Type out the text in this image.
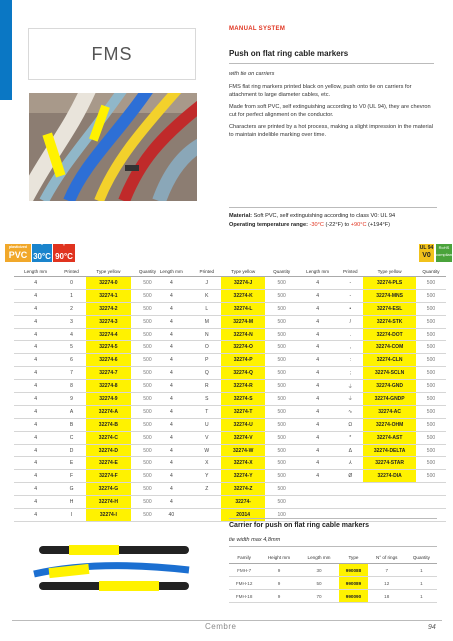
FMS
MANUAL SYSTEM
Push on flat ring cable markers
with tie on carriers

FMS flat ring markers printed black on yellow, push onto tie on carriers for attachment to large diameter cables, etc.

Made from soft PVC, self extinguishing according to V0 (UL 94), they are chevron cut for perfect alignment on the conductor.

Characters are printed by a hot process, making a slight impression in the material to maintain indelible marking over time.

Material: Soft PVC, self extinguishing according to class V0: UL 94
Operating temperature range: -30°C (-22°F) to +90°C (+194°F)
plasticized
PVC
-
30°C
+
90°C
UL 94
V0
RoHS compliant
Length mm	Printed	Type yellow	Quantity
4	0	32274-0	500
4	1	32274-1	500
4	2	32274-2	500
4	3	32274-3	500
4	4	32274-4	500
4	5	32274-5	500
4	6	32274-6	500
4	7	32274-7	500
4	8	32274-8	500
4	9	32274-9	500
4	A	32274-A	500
4	B	32274-B	500
4	C	32274-C	500
4	D	32274-D	500
4	E	32274-E	500
4	F	32274-F	500
4	G	32274-G	500
4	H	32274-H	500
4	I	32274-I	500
Length mm	Printed	Type yellow	Quantity
4	J	32274-J	500
4	K	32274-K	500
4	L	32274-L	500
4	M	32274-M	500
4	N	32274-N	500
4	O	32274-O	500
4	P	32274-P	500
4	Q	32274-Q	500
4	R	32274-R	500
4	S	32274-S	500
4	T	32274-T	500
4	U	32274-U	500
4	V	32274-V	500
4	W	32274-W	500
4	X	32274-X	500
4	Y	32274-Y	500
4	Z	32274-Z	500
4		32274-	500
40		20314	100
Length mm	Printed	Type yellow	Quantity
4	-	32274-PLS	500
4	-	32274-MNS	500
4	•	32274-ESL	500
4	/	32274-STK	500
4	.	32274-DOT	500
4	,	32274-COM	500
4	:	32274-CLN	500
4	;	32274-SCLN	500
4	⏚	32274-GND	500
4	⏚	32274-GNDP	500
4	∿	32274-AC	500
4	Ω	32274-OHM	500
4	*	32274-AST	500
4	Δ	32274-DELTA	500
4	⅄	32274-STAR	500
4	Ø	32274-DIA	500

Carrier for push on flat ring cable markers
tie width max 4,8mm
Family	Height mm	Length mm	Type	N° of rings	Quantity
FMH-7	9	30	990088	7	1
FMH-12	9	50	990089	12	1
FMH-18	9	70	990090	18	1
Cembre	94
